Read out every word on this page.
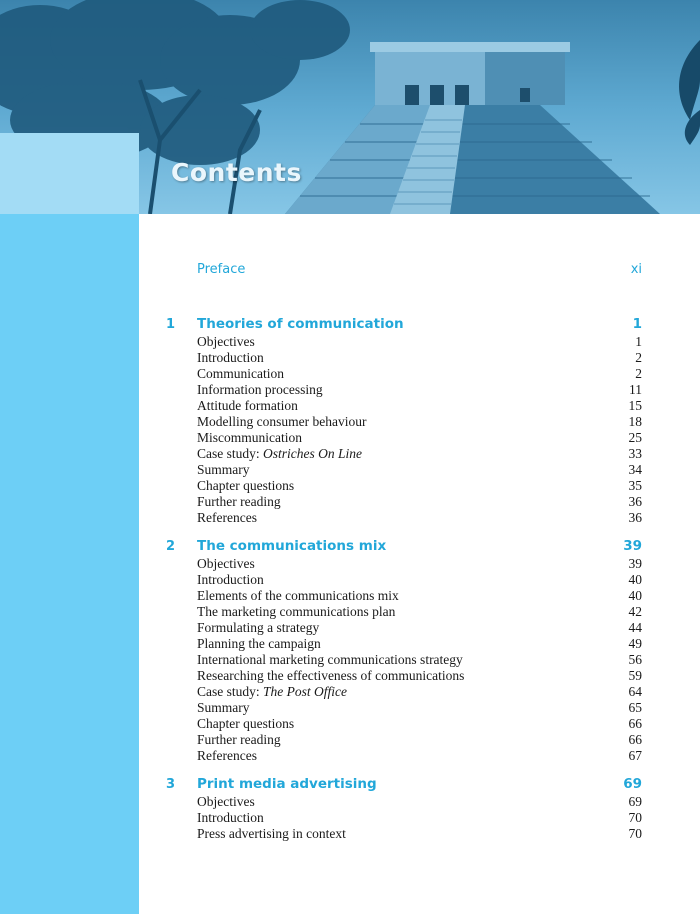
Contents
Preface	xi
1	Theories of communication	1
Objectives	1
Introduction	2
Communication	2
Information processing	11
Attitude formation	15
Modelling consumer behaviour	18
Miscommunication	25
Case study: Ostriches On Line	33
Summary	34
Chapter questions	35
Further reading	36
References	36
2	The communications mix	39
Objectives	39
Introduction	40
Elements of the communications mix	40
The marketing communications plan	42
Formulating a strategy	44
Planning the campaign	49
International marketing communications strategy	56
Researching the effectiveness of communications	59
Case study: The Post Office	64
Summary	65
Chapter questions	66
Further reading	66
References	67
3	Print media advertising	69
Objectives	69
Introduction	70
Press advertising in context	70
